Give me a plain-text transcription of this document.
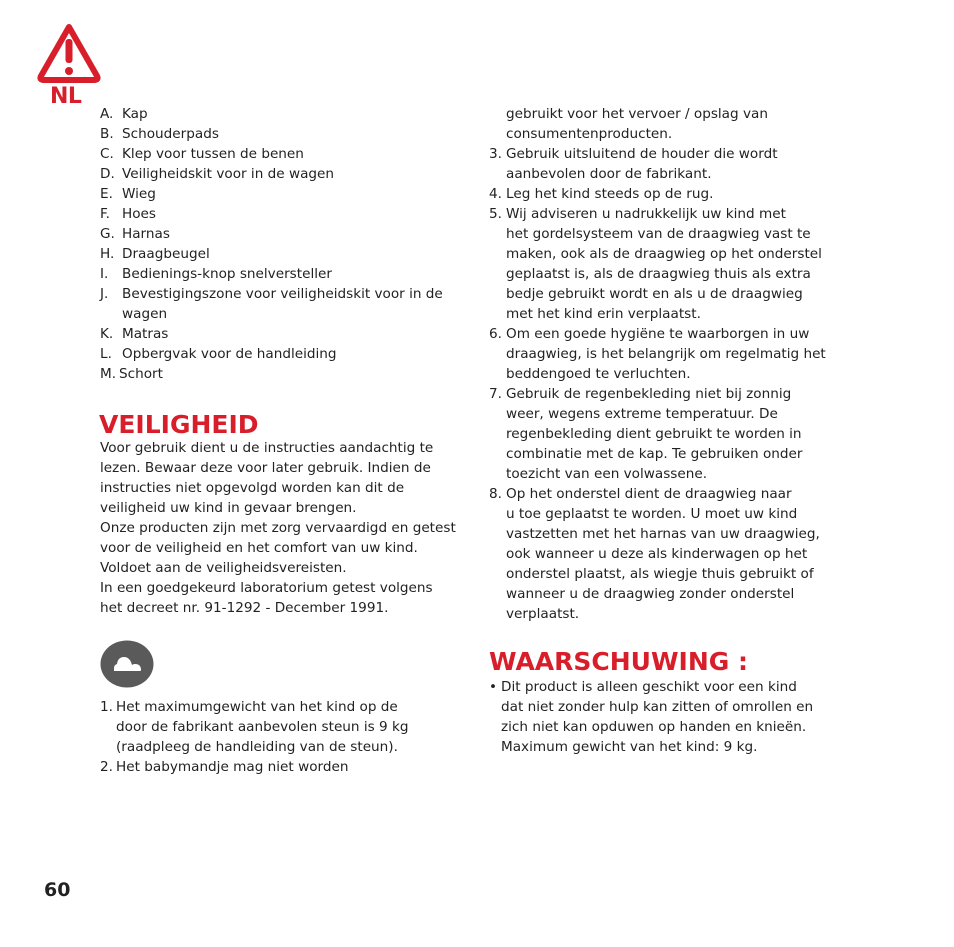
NL
A. Kap
B. Schouderpads
C. Klep voor tussen de benen
D. Veiligheidskit voor in de wagen
E. Wieg
F. Hoes
G. Harnas
H. Draagbeugel
I.	Bedienings-knop snelversteller
J.	Bevestigingszone voor veiligheidskit voor in de
wagen
K. Matras
L. Opbergvak voor de handleiding
M. Schort
VEILIGHEID

Voor gebruik dient u de instructies aandachtig te

lezen. Bewaar deze voor later gebruik. Indien de

instructies niet opgevolgd worden kan dit de

veiligheid uw kind in gevaar brengen.

Onze producten zijn met zorg vervaardigd en getest

voor de veiligheid en het comfort van uw kind.

Voldoet aan de veiligheidsvereisten.

In een goedgekeurd laboratorium getest volgens

het decreet nr. 91-1292 - December 1991.

1. Het maximumgewicht van het kind op de
door de fabrikant aanbevolen steun is 9 kg
(raadpleeg de handleiding van de steun).
2. Het babymandje mag niet worden
gebruikt voor het vervoer / opslag van
consumentenproducten.
3. Gebruik uitsluitend de houder die wordt
aanbevolen door de fabrikant.
4. Leg het kind steeds op de rug.
5. Wij adviseren u nadrukkelijk uw kind met
het gordelsysteem van de draagwieg vast te
maken, ook als de draagwieg op het onderstel
geplaatst is, als de draagwieg thuis als extra
bedje gebruikt wordt en als u de draagwieg
met het kind erin verplaatst.
6. Om een goede hygiëne te waarborgen in uw
draagwieg, is het belangrijk om regelmatig het
beddengoed te verluchten.
7. Gebruik de regenbekleding niet bij zonnig
weer, wegens extreme temperatuur. De
regenbekleding dient gebruikt te worden in
combinatie met de kap. Te gebruiken onder
toezicht van een volwassene.
8. Op het onderstel dient de draagwieg naar
u toe geplaatst te worden. U moet uw kind
vastzetten met het harnas van uw draagwieg,
ook wanneer u deze als kinderwagen op het
onderstel plaatst, als wiegje thuis gebruikt of
wanneer u de draagwieg zonder onderstel
verplaatst.
WAARSCHUWING :
• Dit product is alleen geschikt voor een kind
dat niet zonder hulp kan zitten of omrollen en
zich niet kan opduwen op handen en knieën.
Maximum gewicht van het kind: 9 kg.
60
